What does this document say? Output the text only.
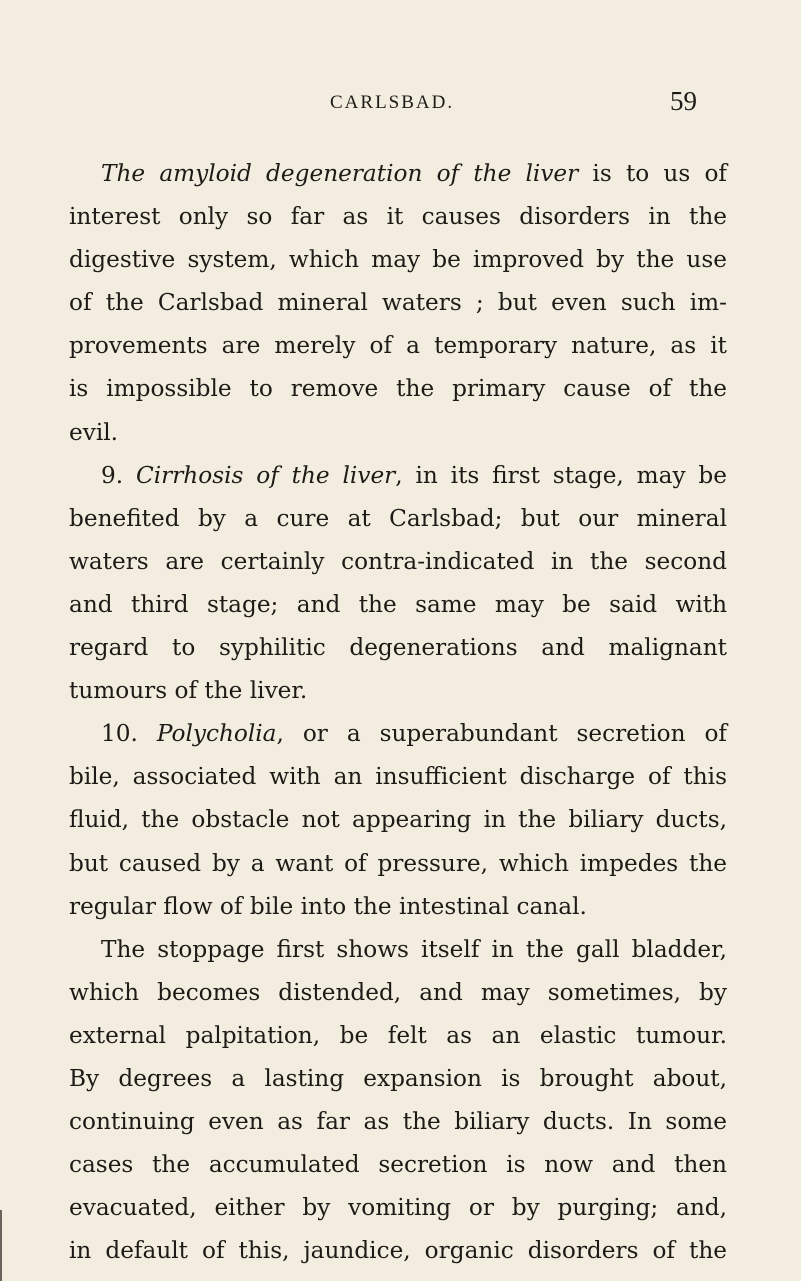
CARLSBAD.	59
The amyloid degeneration of the liver is to us of
interest only so far as it causes disorders in the
digestive system, which may be improved by the use
of the Carlsbad mineral waters ; but even such im-
provements are merely of a temporary nature, as it
is impossible to remove the primary cause of the
evil.
9. Cirrhosis of the liver, in its first stage, may be
benefited by a cure at Carlsbad; but our mineral
waters are certainly contra-indicated in the second
and third stage; and the same may be said with
regard to syphilitic degenerations and malignant
tumours of the liver.
10. Polycholia, or a superabundant secretion of
bile, associated with an insufficient discharge of this
fluid, the obstacle not appearing in the biliary ducts,
but caused by a want of pressure, which impedes the
regular flow of bile into the intestinal canal.
The stoppage first shows itself in the gall bladder,
which becomes distended, and may sometimes, by
external palpitation, be felt as an elastic tumour.
By degrees a lasting expansion is brought about,
continuing even as far as the biliary ducts. In some
cases the accumulated secretion is now and then
evacuated, either by vomiting or by purging; and,
in default of this, jaundice, organic disorders of the
